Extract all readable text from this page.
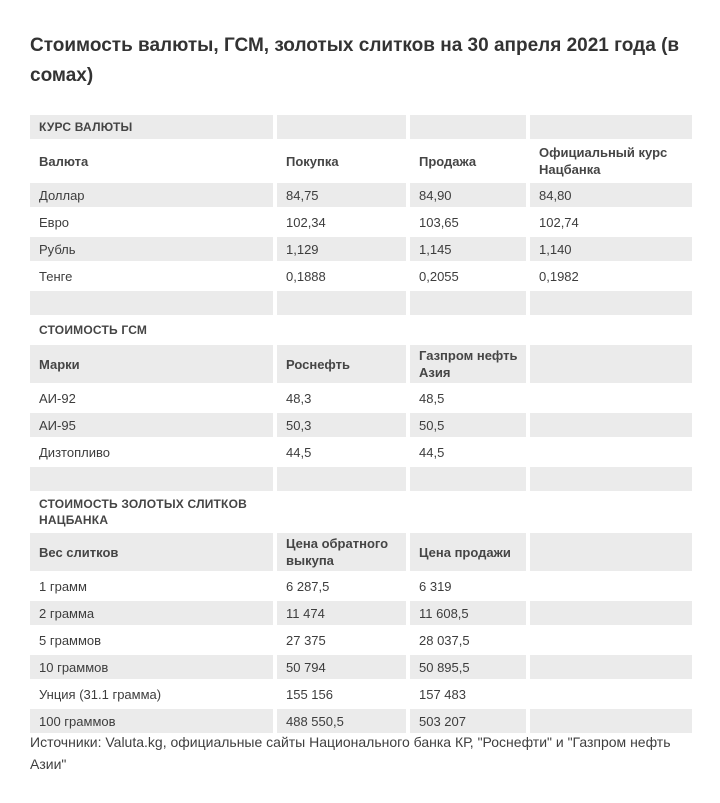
Стоимость валюты, ГСМ, золотых слитков на 30 апреля 2021 года (в сомах)
КУРС ВАЛЮТЫ			
Валюта	Покупка	Продажа	Официальный курс Нацбанка
Доллар	84,75	84,90	84,80
Евро	102,34	103,65	102,74
Рубль	1,129	1,145	1,140
Тенге	0,1888	0,2055	0,1982

СТОИМОСТЬ ГСМ			
Марки	Роснефть	Газпром нефть Азия	
АИ-92	48,3	48,5	
АИ-95	50,3	50,5	
Дизтопливо	44,5	44,5	

СТОИМОСТЬ ЗОЛОТЫХ СЛИТКОВ НАЦБАНКА			
Вес слитков	Цена обратного выкупа	Цена продажи	
1 грамм	6 287,5	6 319	
2 грамма	11 474	11 608,5	
5 граммов	27 375	28 037,5	
10 граммов	50 794	50 895,5	
Унция (31.1 грамма)	155 156	157 483	
100 граммов	488 550,5	503 207	
Источники: Valuta.kg, официальные сайты Национального банка КР, "Роснефти" и "Газпром нефть Азии"
